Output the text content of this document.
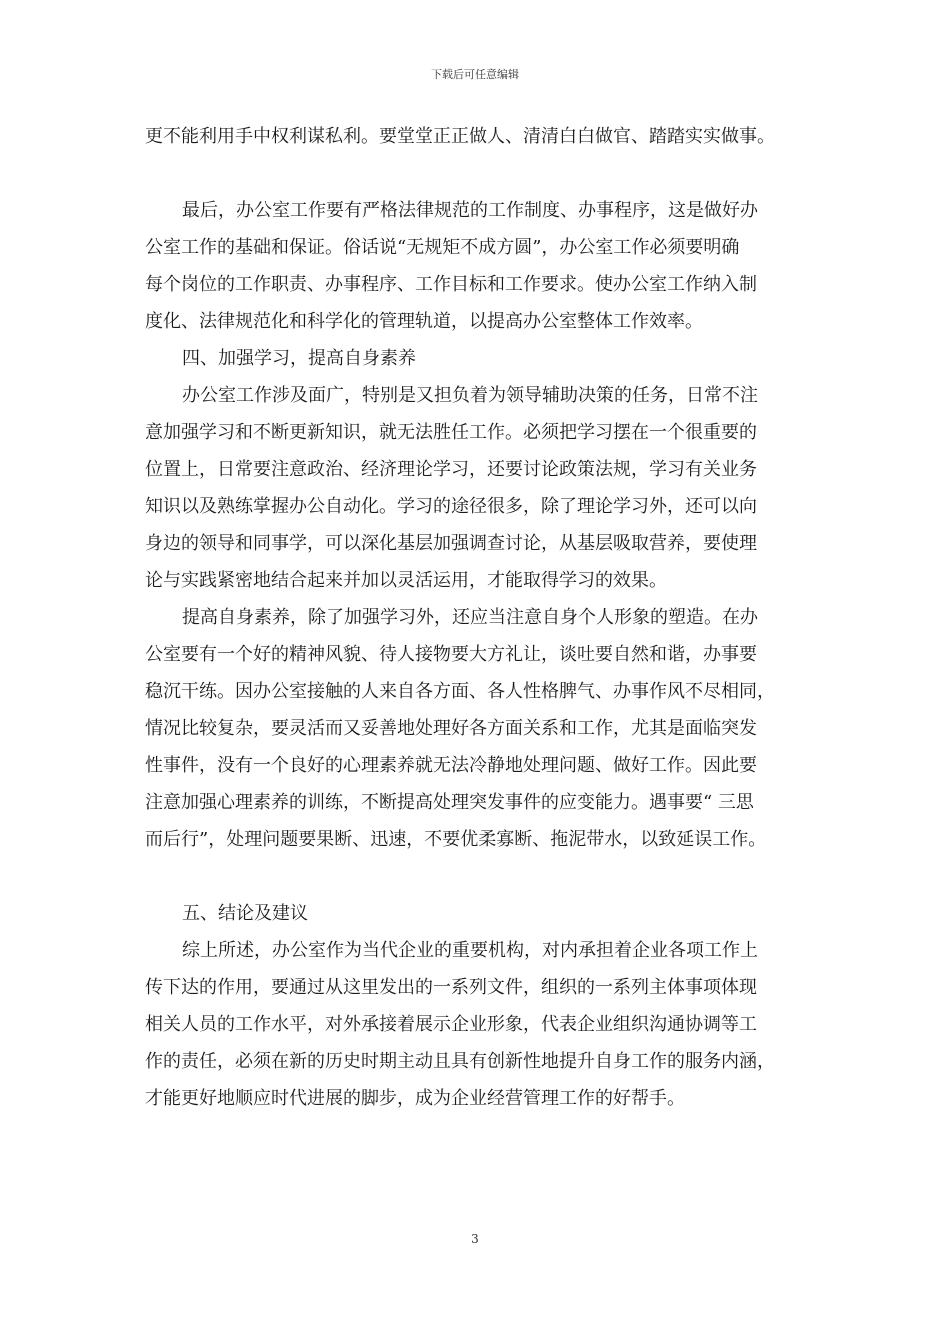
下载后可任意编辑
更不能利用手中权利谋私利。要堂堂正正做人、清清白白做官、踏踏实实做事。
最后，办公室工作要有严格法律规范的工作制度、办事程序，这是做好办
公室工作的基础和保证。俗话说“无规矩不成方圆”，办公室工作必须要明确
每个岗位的工作职责、办事程序、工作目标和工作要求。使办公室工作纳入制
度化、法律规范化和科学化的管理轨道，以提高办公室整体工作效率。
四、加强学习，提高自身素养
办公室工作涉及面广，特别是又担负着为领导辅助决策的任务，日常不注
意加强学习和不断更新知识，就无法胜任工作。必须把学习摆在一个很重要的
位置上，日常要注意政治、经济理论学习，还要讨论政策法规，学习有关业务
知识以及熟练掌握办公自动化。学习的途径很多，除了理论学习外，还可以向
身边的领导和同事学，可以深化基层加强调查讨论，从基层吸取营养，要使理
论与实践紧密地结合起来并加以灵活运用，才能取得学习的效果。
提高自身素养，除了加强学习外，还应当注意自身个人形象的塑造。在办
公室要有一个好的精神风貌、待人接物要大方礼让，谈吐要自然和谐，办事要
稳沉干练。因办公室接触的人来自各方面、各人性格脾气、办事作风不尽相同，
情况比较复杂，要灵活而又妥善地处理好各方面关系和工作，尤其是面临突发
性事件，没有一个良好的心理素养就无法冷静地处理问题、做好工作。因此要
注意加强心理素养的训练，不断提高处理突发事件的应变能力。遇事要“ 三思
而后行”，处理问题要果断、迅速，不要优柔寡断、拖泥带水，以致延误工作。
五、结论及建议
综上所述，办公室作为当代企业的重要机构，对内承担着企业各项工作上
传下达的作用，要通过从这里发出的一系列文件，组织的一系列主体事项体现
相关人员的工作水平，对外承接着展示企业形象，代表企业组织沟通协调等工
作的责任，必须在新的历史时期主动且具有创新性地提升自身工作的服务内涵，
才能更好地顺应时代进展的脚步，成为企业经营管理工作的好帮手。
3
